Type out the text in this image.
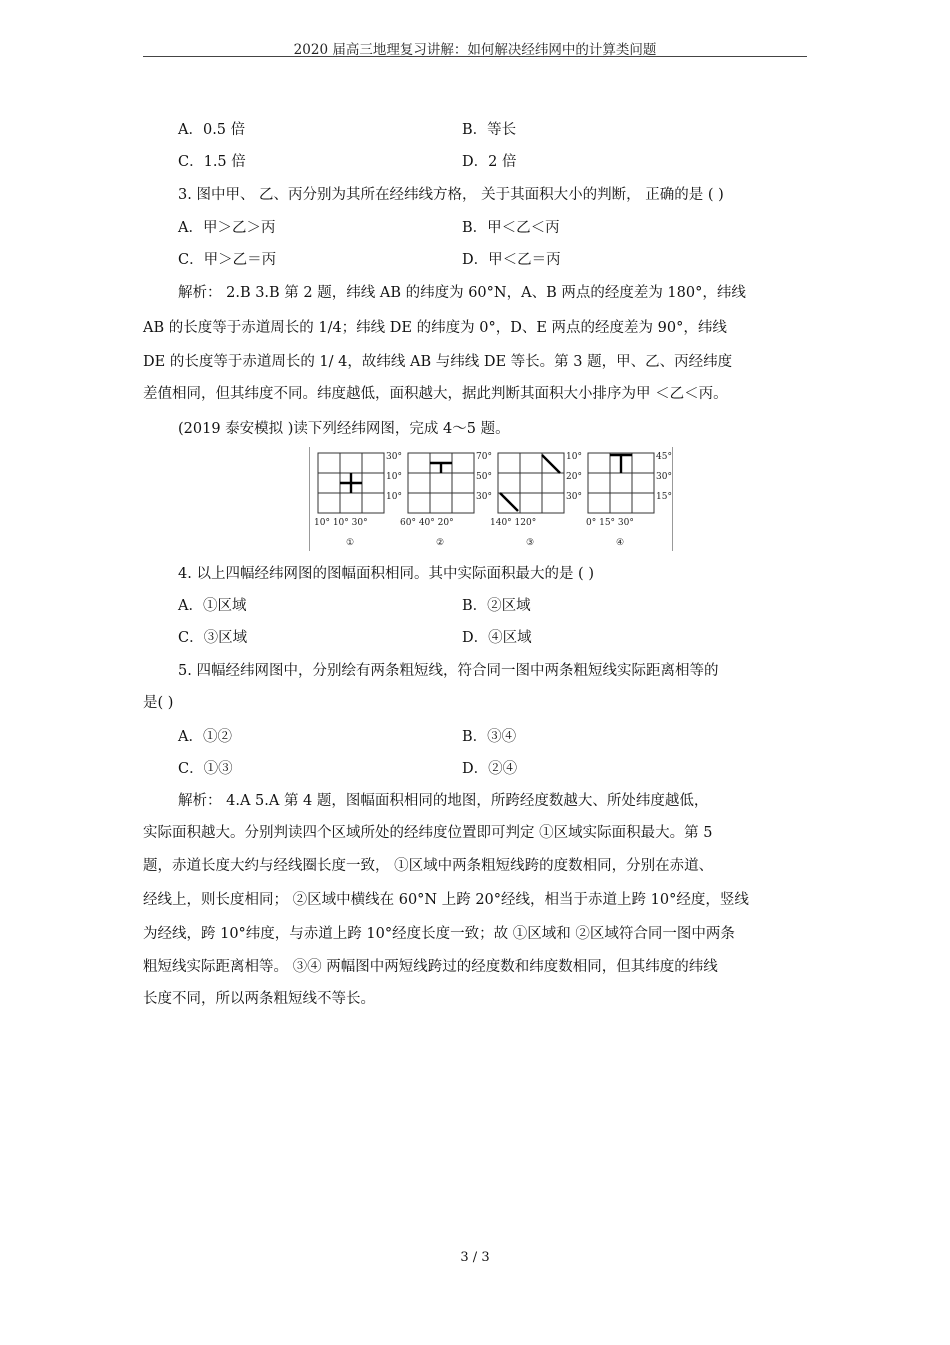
2020 届高三地理复习讲解：如何解决经纬网中的计算类问题
A．0.5 倍	B．等长
C．1.5 倍	D．2 倍
3. 图中甲、 乙、丙分别为其所在经纬线方格， 关于其面积大小的判断， 正确的是 ( )
A．甲＞乙＞丙	B．甲＜乙＜丙
C．甲＞乙＝丙	D．甲＜乙＝丙
解析： 2.B 3.B 第 2 题，纬线 AB 的纬度为 60°N，A、B 两点的经度差为 180°，纬线
AB 的长度等于赤道周长的 1/4；纬线 DE 的纬度为 0°，D、E 两点的经度差为 90°，纬线
DE 的长度等于赤道周长的 1/ 4，故纬线 AB 与纬线 DE 等长。第 3 题，甲、乙、丙经纬度
差值相同，但其纬度不同。纬度越低，面积越大，据此判断其面积大小排序为甲 ＜乙＜丙。
(2019 泰安模拟 )读下列经纬网图，完成 4～5 题。
30°
10°
10°
10° 10° 30°
①
70°
50°
30°
60° 40° 20°
②
10°
20°
30°
140° 120°
③
45°
30°
15°
0° 15° 30°
④
4. 以上四幅经纬网图的图幅面积相同。其中实际面积最大的是 ( )
A．①区域	B．②区域
C．③区域	D．④区域
5. 四幅经纬网图中，分别绘有两条粗短线，符合同一图中两条粗短线实际距离相等的
是( )
A．①②	B．③④
C．①③	D．②④
解析： 4.A 5.A 第 4 题，图幅面积相同的地图，所跨经度数越大、所处纬度越低，
实际面积越大。分别判读四个区域所处的经纬度位置即可判定 ①区域实际面积最大。第 5
题，赤道长度大约与经线圈长度一致， ①区域中两条粗短线跨的度数相同，分别在赤道、
经线上，则长度相同； ②区域中横线在 60°N 上跨 20°经线，相当于赤道上跨 10°经度，竖线
为经线，跨 10°纬度，与赤道上跨 10°经度长度一致；故 ①区域和 ②区域符合同一图中两条
粗短线实际距离相等。 ③④ 两幅图中两短线跨过的经度数和纬度数相同，但其纬度的纬线
长度不同，所以两条粗短线不等长。
3 / 3
